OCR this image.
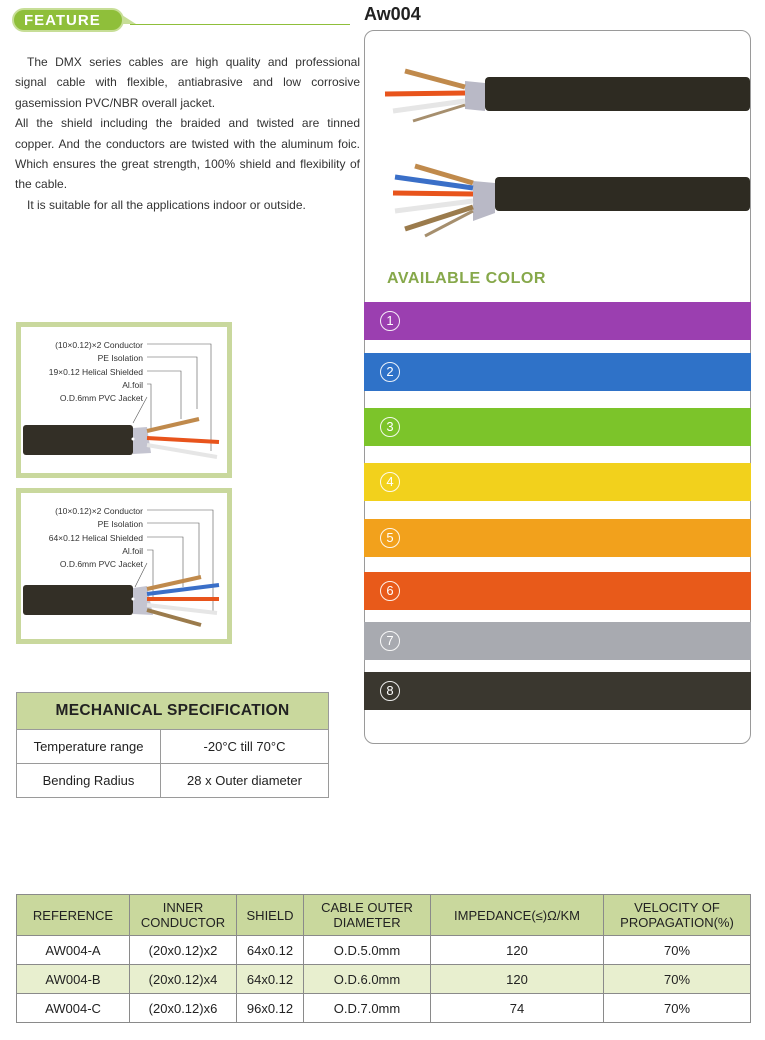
FEATURE

The DMX series cables are high quality and professional signal cable with flexible, antiabrasive and low corrosive gasemission PVC/NBR overall jacket.

All the shield including the braided and twisted are tinned copper. And the conductors are twisted with the aluminum foic. Which ensures the great strength, 100% shield and flexibility of the cable.

It is suitable for all the applications indoor or outside.

Aw004
AVAILABLE COLOR
1
2
3
4
5
6
7
8
(10×0.12)×2 Conductor
PE Isolation
19×0.12 Helical Shielded
Al.foil
O.D.6mm PVC Jacket
(10×0.12)×2 Conductor
PE Isolation
64×0.12 Helical Shielded
Al.foil
O.D.6mm PVC Jacket
MECHANICAL SPECIFICATION	
Temperature range	-20°C till 70°C
Bending Radius	28 x Outer diameter
REFERENCE	INNER CONDUCTOR	SHIELD	CABLE OUTER DIAMETER	IMPEDANCE(≤)Ω/KM	VELOCITY OF PROPAGATION(%)
AW004-A	(20x0.12)x2	64x0.12	O.D.5.0mm	120	70%
AW004-B	(20x0.12)x4	64x0.12	O.D.6.0mm	120	70%
AW004-C	(20x0.12)x6	96x0.12	O.D.7.0mm	74	70%
